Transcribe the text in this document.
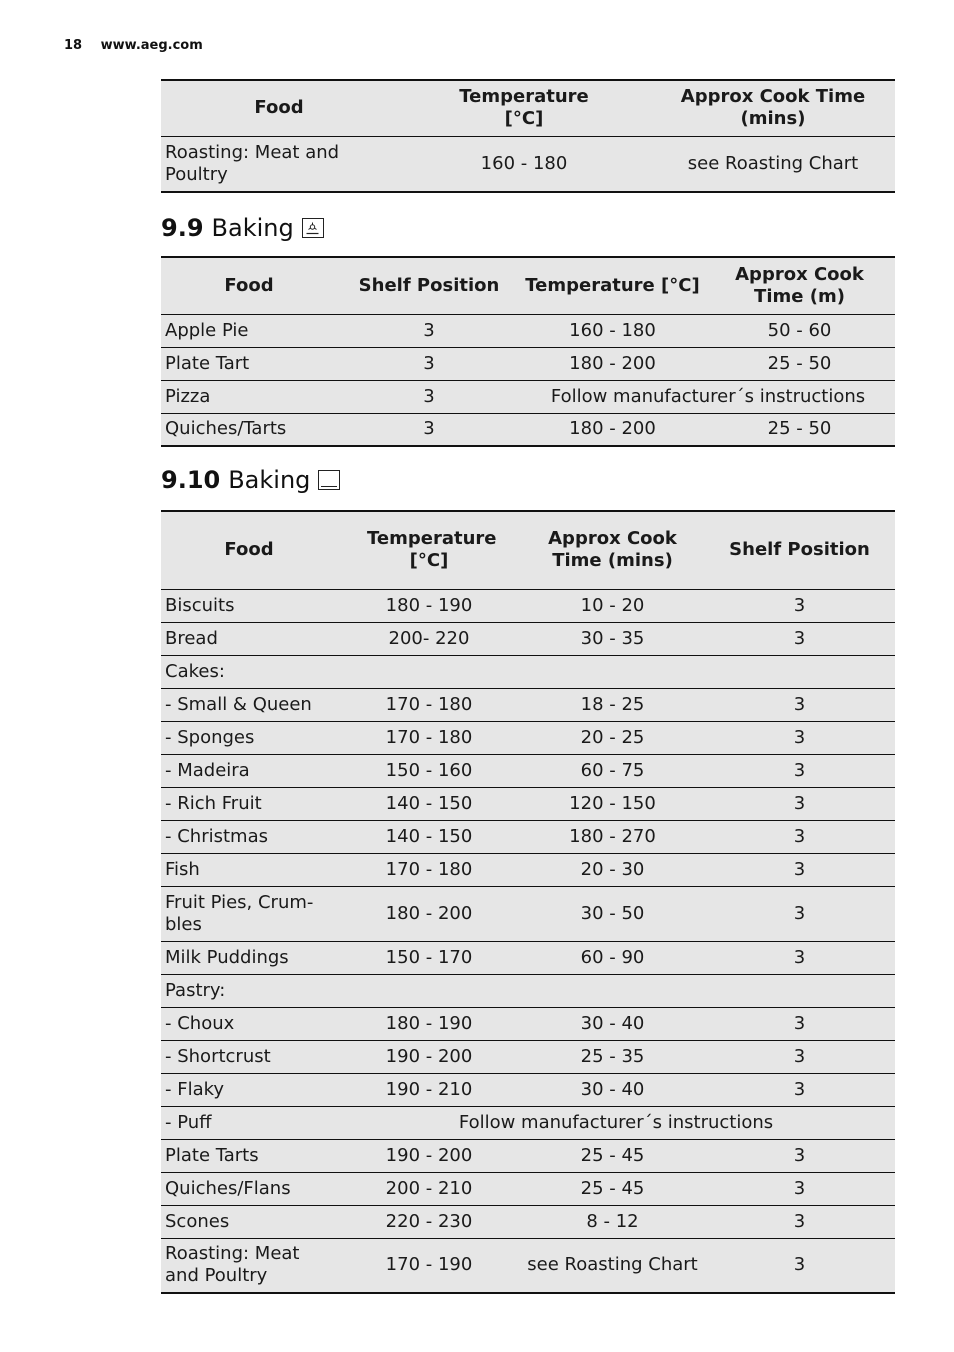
18 www.aeg.com
Food	Temperature [°C]	Approx Cook Time (mins)
Roasting: Meat and Poultry	160 - 180	see Roasting Chart
9.9 Baking
Food	Shelf Position	Temperature [°C]	Approx Cook Time (m)
Apple Pie	3	160 - 180	50 - 60
Plate Tart	3	180 - 200	25 - 50
Pizza	3	Follow manufacturer´s instructions	
Quiches/Tarts	3	180 - 200	25 - 50
9.10 Baking
Food	Temperature [°C]	Approx Cook Time (mins)	Shelf Position
Biscuits	180 - 190	10 - 20	3
Bread	200- 220	30 - 35	3
Cakes:			
- Small & Queen	170 - 180	18 - 25	3
- Sponges	170 - 180	20 - 25	3
- Madeira	150 - 160	60 - 75	3
- Rich Fruit	140 - 150	120 - 150	3
- Christmas	140 - 150	180 - 270	3
Fish	170 - 180	20 - 30	3
Fruit Pies, Crum-bles	180 - 200	30 - 50	3
Milk Puddings	150 - 170	60 - 90	3
Pastry:			
- Choux	180 - 190	30 - 40	3
- Shortcrust	190 - 200	25 - 35	3
- Flaky	190 - 210	30 - 40	3
- Puff	Follow manufacturer´s instructions		
Plate Tarts	190 - 200	25 - 45	3
Quiches/Flans	200 - 210	25 - 45	3
Scones	220 - 230	8 - 12	3
Roasting: Meat and Poultry	170 - 190	see Roasting Chart	3
